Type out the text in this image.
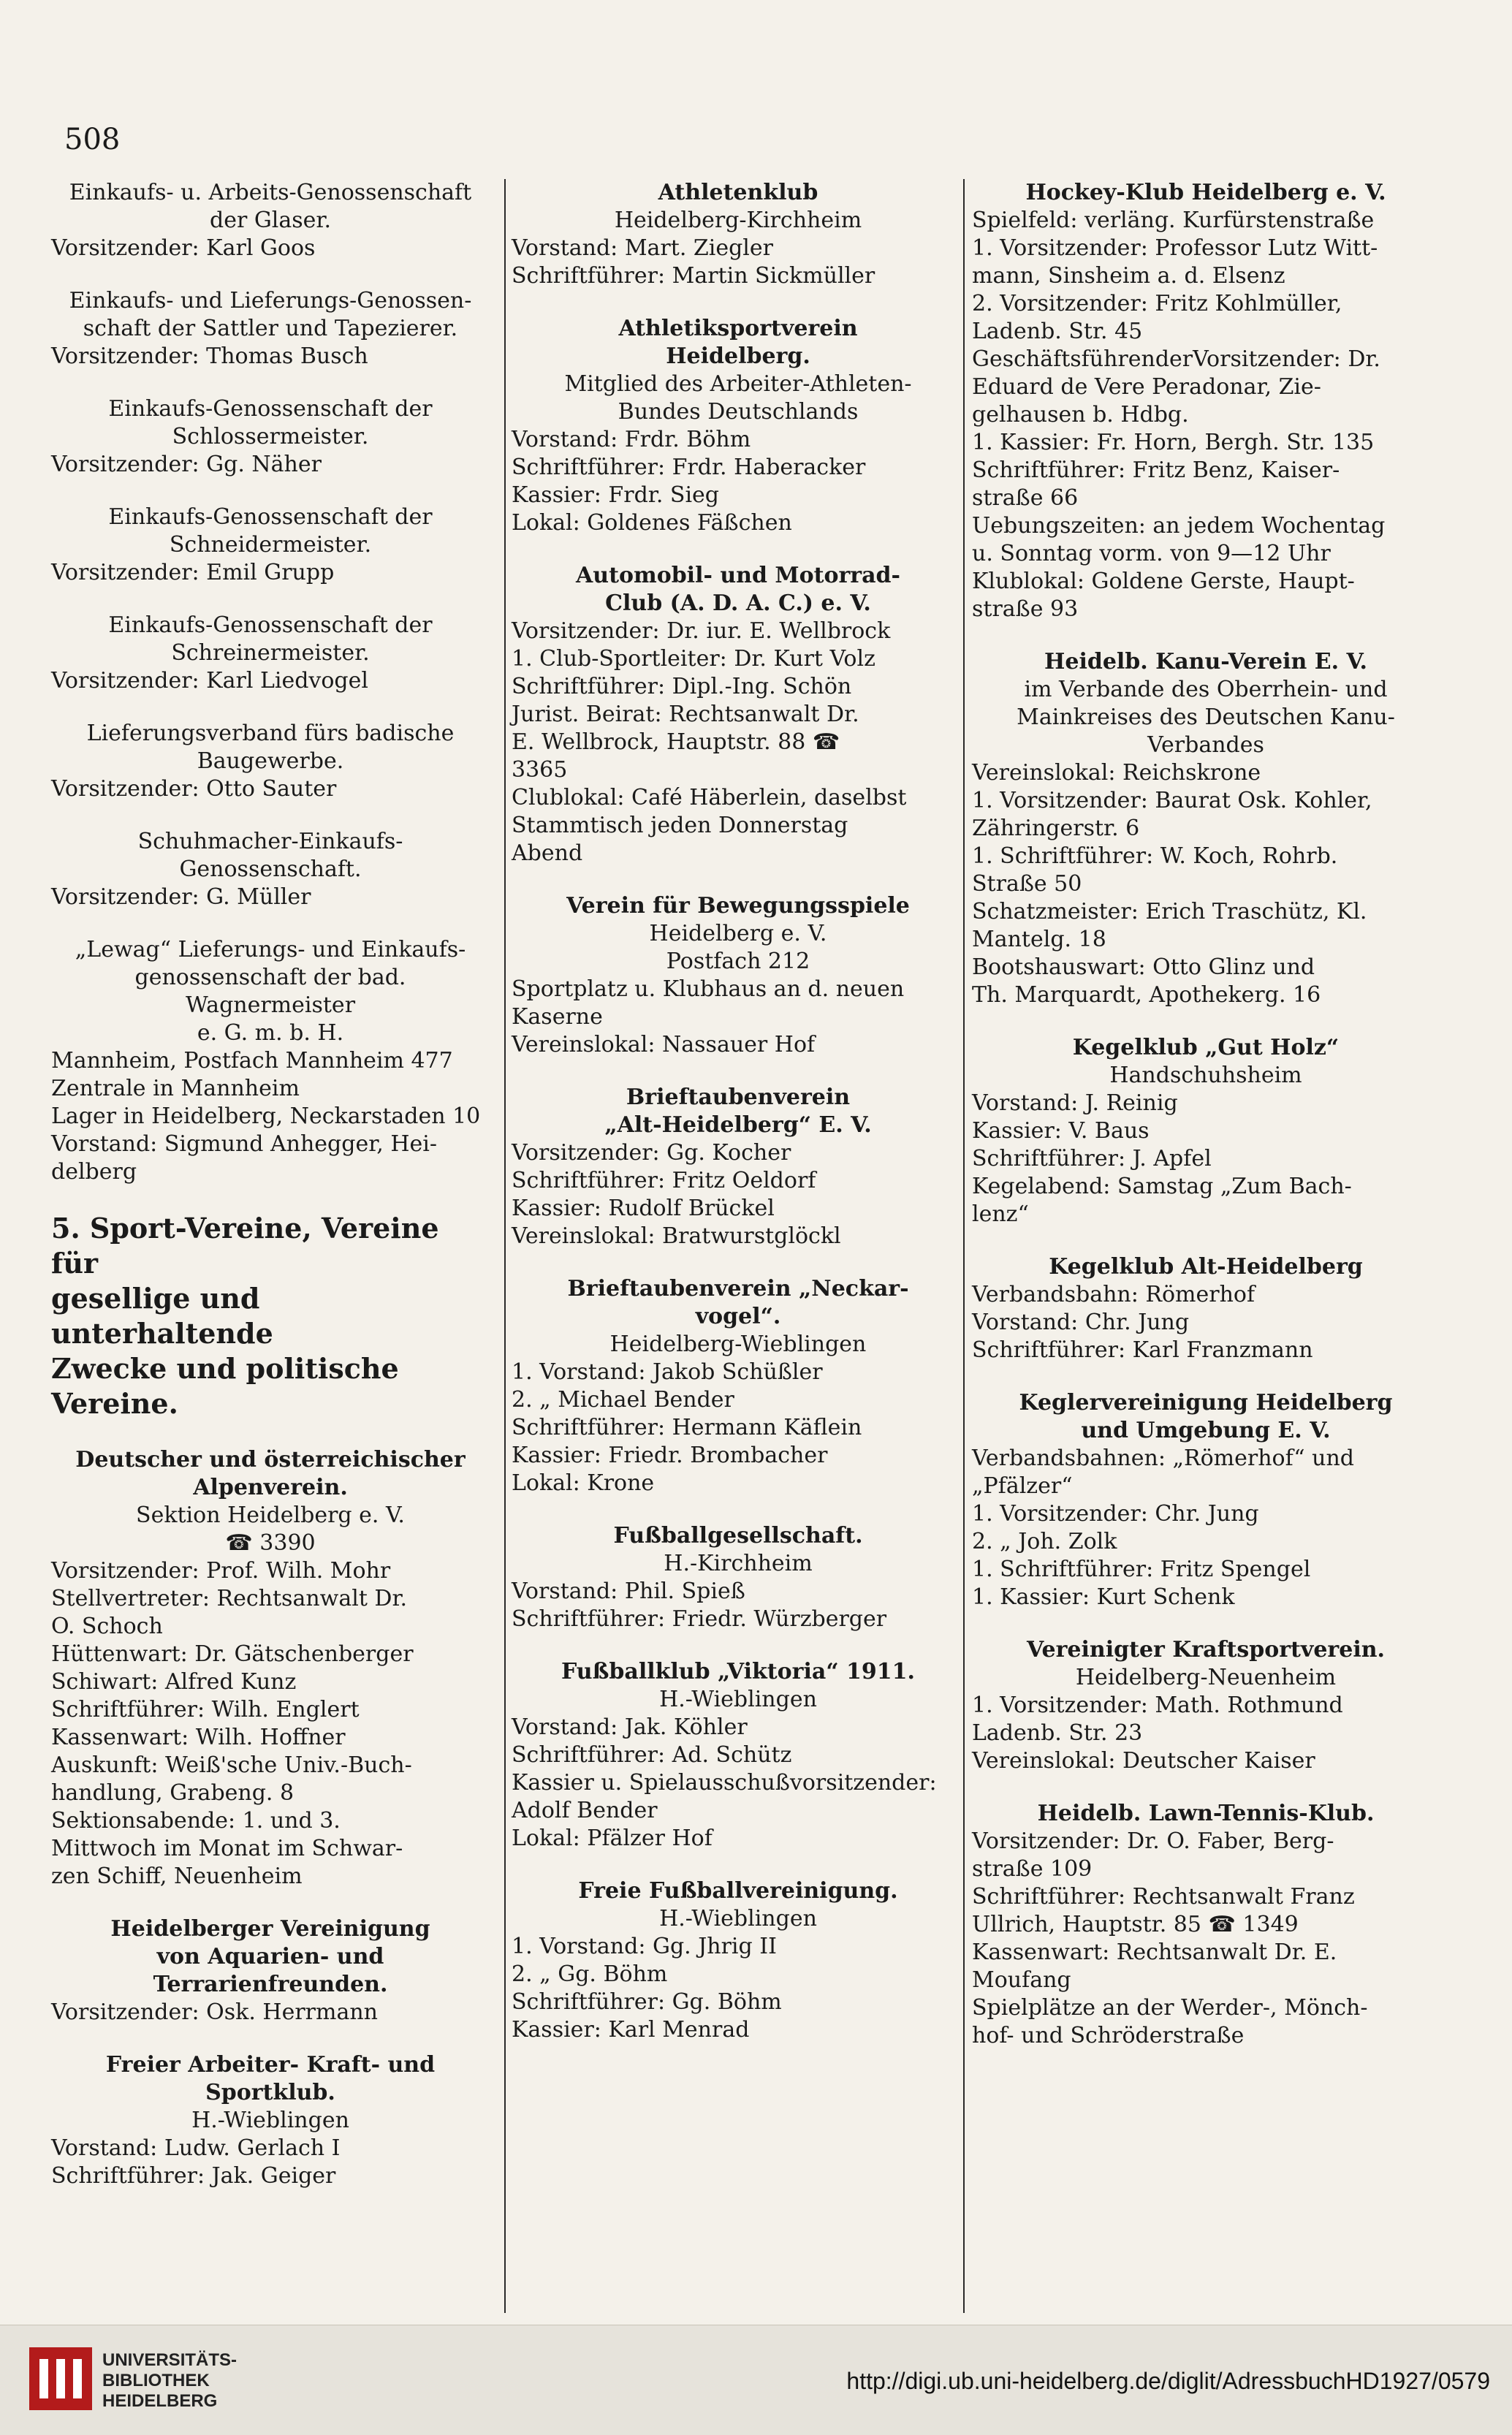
508
Einkaufs- u. Arbeits-Genossenschaft
der Glaser.
Vorsitzender: Karl Goos
Einkaufs- und Lieferungs-Genossen-
schaft der Sattler und Tapezierer.
Vorsitzender: Thomas Busch
Einkaufs-Genossenschaft der
Schlossermeister.
Vorsitzender: Gg. Näher
Einkaufs-Genossenschaft der
Schneidermeister.
Vorsitzender: Emil Grupp
Einkaufs-Genossenschaft der
Schreinermeister.
Vorsitzender: Karl Liedvogel
Lieferungsverband fürs badische
Baugewerbe.
Vorsitzender: Otto Sauter
Schuhmacher-Einkaufs-
Genossenschaft.
Vorsitzender: G. Müller
„Lewag“ Lieferungs- und Einkaufs-
genossenschaft der bad. Wagnermeister
e. G. m. b. H.
Mannheim, Postfach Mannheim 477
Zentrale in Mannheim
Lager in Heidelberg, Neckarstaden 10
Vorstand: Sigmund Anhegger, Hei-
delberg
5. Sport-Vereine, Vereine für
gesellige und unterhaltende
Zwecke und politische Vereine.
Deutscher und österreichischer
Alpenverein.
Sektion Heidelberg e. V.
☎ 3390
Vorsitzender: Prof. Wilh. Mohr
Stellvertreter: Rechtsanwalt Dr.
O. Schoch
Hüttenwart: Dr. Gätschenberger
Schiwart: Alfred Kunz
Schriftführer: Wilh. Englert
Kassenwart: Wilh. Hoffner
Auskunft: Weiß'sche Univ.-Buch-
handlung, Grabeng. 8
Sektionsabende: 1. und 3.
Mittwoch im Monat im Schwar-
zen Schiff, Neuenheim
Heidelberger Vereinigung
von Aquarien- und
Terrarienfreunden.
Vorsitzender: Osk. Herrmann
Freier Arbeiter- Kraft- und
Sportklub.
H.-Wieblingen
Vorstand: Ludw. Gerlach I
Schriftführer: Jak. Geiger
Athletenklub
Heidelberg-Kirchheim
Vorstand: Mart. Ziegler
Schriftführer: Martin Sickmüller
Athletiksportverein
Heidelberg.
Mitglied des Arbeiter-Athleten-
Bundes Deutschlands
Vorstand: Frdr. Böhm
Schriftführer: Frdr. Haberacker
Kassier: Frdr. Sieg
Lokal: Goldenes Fäßchen
Automobil- und Motorrad-
Club (A. D. A. C.) e. V.
Vorsitzender: Dr. iur. E. Wellbrock
1. Club-Sportleiter: Dr. Kurt Volz
Schriftführer: Dipl.-Ing. Schön
Jurist. Beirat: Rechtsanwalt Dr.
E. Wellbrock, Hauptstr. 88 ☎
3365
Clublokal: Café Häberlein, daselbst
Stammtisch jeden Donnerstag
Abend
Verein für Bewegungsspiele
Heidelberg e. V.
Postfach 212
Sportplatz u. Klubhaus an d. neuen
Kaserne
Vereinslokal: Nassauer Hof
Brieftaubenverein
„Alt-Heidelberg“ E. V.
Vorsitzender: Gg. Kocher
Schriftführer: Fritz Oeldorf
Kassier: Rudolf Brückel
Vereinslokal: Bratwurstglöckl
Brieftaubenverein „Neckar-
vogel“.
Heidelberg-Wieblingen
1. Vorstand: Jakob Schüßler
2. „ Michael Bender
Schriftführer: Hermann Käflein
Kassier: Friedr. Brombacher
Lokal: Krone
Fußballgesellschaft.
H.-Kirchheim
Vorstand: Phil. Spieß
Schriftführer: Friedr. Würzberger
Fußballklub „Viktoria“ 1911.
H.-Wieblingen
Vorstand: Jak. Köhler
Schriftführer: Ad. Schütz
Kassier u. Spielausschußvorsitzender:
Adolf Bender
Lokal: Pfälzer Hof
Freie Fußballvereinigung.
H.-Wieblingen
1. Vorstand: Gg. Jhrig II
2. „ Gg. Böhm
Schriftführer: Gg. Böhm
Kassier: Karl Menrad
Hockey-Klub Heidelberg e. V.
Spielfeld: verläng. Kurfürstenstraße
1. Vorsitzender: Professor Lutz Witt-
mann, Sinsheim a. d. Elsenz
2. Vorsitzender: Fritz Kohlmüller,
Ladenb. Str. 45
GeschäftsführenderVorsitzender: Dr.
Eduard de Vere Peradonar, Zie-
gelhausen b. Hdbg.
1. Kassier: Fr. Horn, Bergh. Str. 135
Schriftführer: Fritz Benz, Kaiser-
straße 66
Uebungszeiten: an jedem Wochentag
u. Sonntag vorm. von 9—12 Uhr
Klublokal: Goldene Gerste, Haupt-
straße 93
Heidelb. Kanu-Verein E. V.
im Verbande des Oberrhein- und
Mainkreises des Deutschen Kanu-
Verbandes
Vereinslokal: Reichskrone
1. Vorsitzender: Baurat Osk. Kohler,
Zähringerstr. 6
1. Schriftführer: W. Koch, Rohrb.
Straße 50
Schatzmeister: Erich Traschütz, Kl.
Mantelg. 18
Bootshauswart: Otto Glinz und
Th. Marquardt, Apothekerg. 16
Kegelklub „Gut Holz“
Handschuhsheim
Vorstand: J. Reinig
Kassier: V. Baus
Schriftführer: J. Apfel
Kegelabend: Samstag „Zum Bach-
lenz“
Kegelklub Alt-Heidelberg
Verbandsbahn: Römerhof
Vorstand: Chr. Jung
Schriftführer: Karl Franzmann
Keglervereinigung Heidelberg
und Umgebung E. V.
Verbandsbahnen: „Römerhof“ und
„Pfälzer“
1. Vorsitzender: Chr. Jung
2. „ Joh. Zolk
1. Schriftführer: Fritz Spengel
1. Kassier: Kurt Schenk
Vereinigter Kraftsportverein.
Heidelberg-Neuenheim
1. Vorsitzender: Math. Rothmund
Ladenb. Str. 23
Vereinslokal: Deutscher Kaiser
Heidelb. Lawn-Tennis-Klub.
Vorsitzender: Dr. O. Faber, Berg-
straße 109
Schriftführer: Rechtsanwalt Franz
Ullrich, Hauptstr. 85 ☎ 1349
Kassenwart: Rechtsanwalt Dr. E.
Moufang
Spielplätze an der Werder-, Mönch-
hof- und Schröderstraße
UNIVERSITÄTS-
BIBLIOTHEK
HEIDELBERG
http://digi.ub.uni-heidelberg.de/diglit/AdressbuchHD1927/0579
